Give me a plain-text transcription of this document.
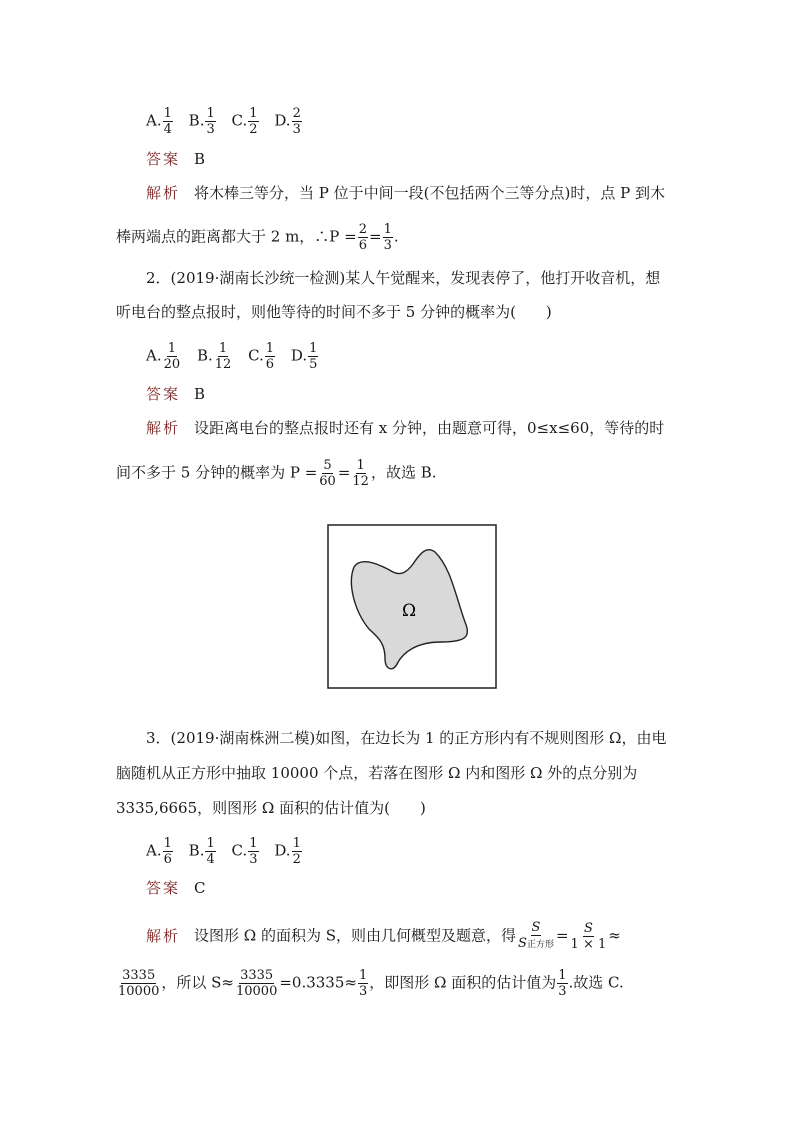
A. $\frac{1}{4} B$. $\frac{1}{3} C$. $\frac{1}{2} D$. $\frac{2}{3}$
答案 B
解析 将木棒三等分，当 P 位于中间一段(不包括两个三等分点)时，点 P 到木
棒两端点的距离都大于 2 m，∴P = $\frac{2}{6} = \frac{1}{3}$ .
2．(2019·湖南长沙统一检测)某人午觉醒来，发现表停了，他打开收音机，想
听电台的整点报时，则他等待的时间不多于 5 分钟的概率为(　　)
A. $\frac{1}{20} B$. $\frac{1}{12} C$. $\frac{1}{6} D$. $\frac{1}{5}$
答案 B
解析 设距离电台的整点报时还有 x 分钟，由题意可得，0≤x≤60，等待的时
间不多于 5 分钟的概率为 $P = \frac{5}{60} = \frac{1}{12}$ ，故选 B.
Ω
3．(2019·湖南株洲二模)如图，在边长为 1 的正方形内有不规则图形 Ω，由电
脑随机从正方形中抽取 10000 个点，若落在图形 Ω 内和图形 Ω 外的点分别为
3335,6665，则图形 Ω 面积的估计值为(　　)
A. $\frac{1}{6} B$. $\frac{1}{4} C$. $\frac{1}{3} D$. $\frac{1}{2}$
答案 C
解析 设图形 Ω 的面积为 S，则由几何概型及题意，得 $\frac{S}{\text{S正方形}} = \frac{S}{1 \times 1}$ ≈
$\frac{3335}{10000}$ ，所以 $S\approx \frac{3335}{10000} =0.3335\approx \frac{1}{3}$ ，即图形 Ω 面积的估计值为 $\frac{1}{3}$ .故选 C.
